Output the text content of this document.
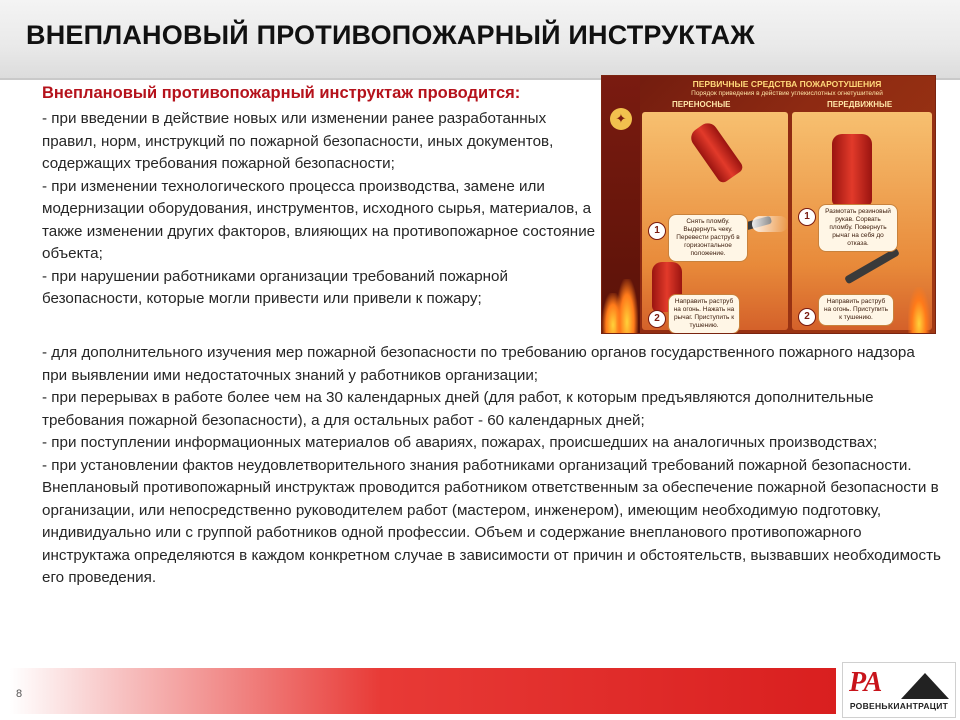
ВНЕПЛАНОВЫЙ ПРОТИВОПОЖАРНЫЙ ИНСТРУКТАЖ
Внеплановый противопожарный инструктаж проводится:

- при введении в действие новых или изменении ранее разработанных правил, норм, инструкций по пожарной безопасности, иных документов, содержащих требования пожарной безопасности;

- при изменении технологического процесса производства, замене или модернизации оборудования, инструментов, исходного сырья, материалов, а также изменении других факторов, влияющих на противопожарное состояние объекта;

- при нарушении работниками организации требований пожарной безопасности, которые могли привести или привели к пожару;

✦
ПЕРВИЧНЫЕ СРЕДСТВА ПОЖАРОТУШЕНИЯ
Порядок приведения в действие углекислотных огнетушителей
ПЕРЕНОСНЫЕ	ПЕРЕДВИЖНЫЕ
1
2
Снять пломбу. Выдернуть чеку. Перевести раструб в горизонтальное положение.
Направить раструб на огонь. Нажать на рычаг. Приступить к тушению.
1
2
Размотать резиновый рукав. Сорвать пломбу. Повернуть рычаг на себя до отказа.
Направить раструб на огонь. Приступить к тушению.

- для дополнительного изучения мер пожарной безопасности по требованию органов государственного пожарного надзора при выявлении ими недостаточных знаний у работников организации;

- при перерывах в работе более чем на 30 календарных дней (для работ, к которым предъявляются дополнительные требования пожарной безопасности), а для остальных работ - 60 календарных дней;

- при поступлении информационных материалов об авариях, пожарах, происшедших на аналогичных производствах;

- при установлении фактов неудовлетворительного знания работниками организаций требований пожарной безопасности.

Внеплановый противопожарный инструктаж проводится работником ответственным за обеспечение пожарной безопасности в организации, или непосредственно руководителем работ (мастером, инженером), имеющим необходимую подготовку, индивидуально или с группой работников одной профессии. Объем и содержание внепланового противопожарного инструктажа определяются в каждом конкретном случае в зависимости от причин и обстоятельств, вызвавших необходимость его проведения.

8	РА
РОВЕНЬКИАНТРАЦИТ
